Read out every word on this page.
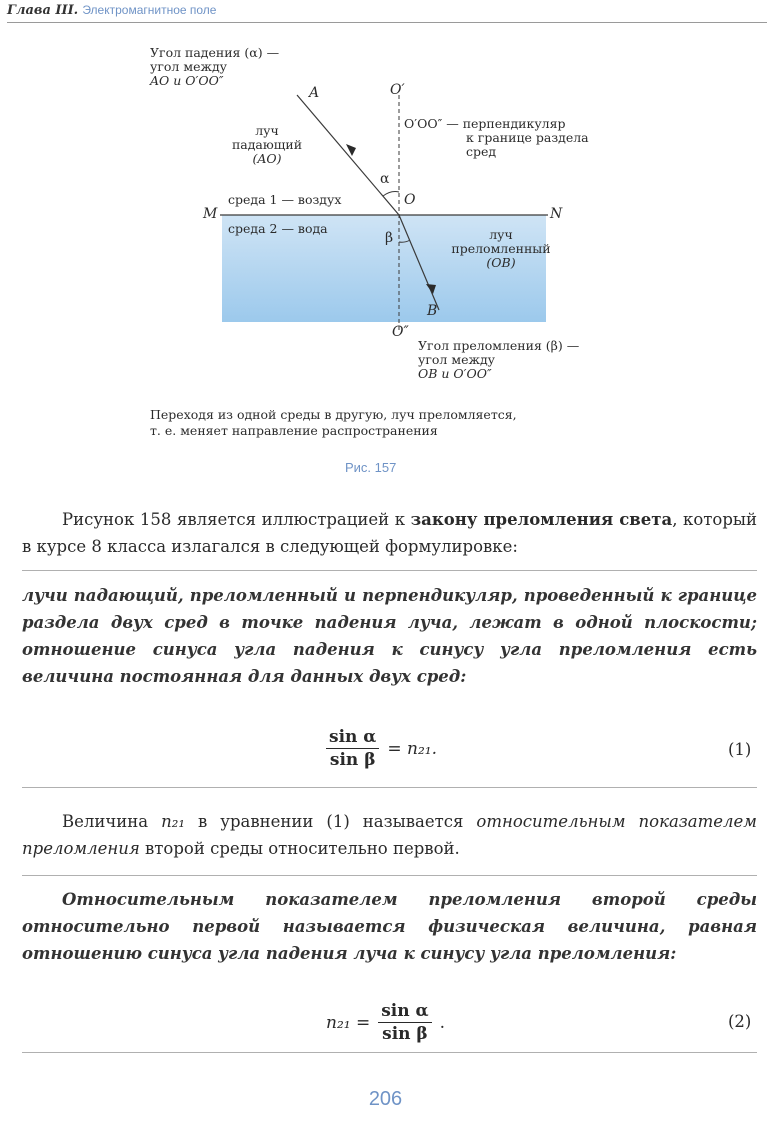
Глава III. Электромагнитное поле
Угол падения (α) —
угол между
AO и O′OO″
A	O′
O′OO″ — перпендикуляр
к границе раздела
сред
луч
падающий
(AO)
α
O
среда 1 — воздух
M	N
среда 2 — вода
β	луч
преломленный
(OB)
B
O″
Угол преломления (β) —
угол между
OB и O′OO″
Переходя из одной среды в другую, луч преломляется,
т. е. меняет направление распространения
Рис. 157
Рисунок 158 является иллюстрацией к закону преломления света, который в курсе 8 класса излагался в следующей формулировке:
лучи падающий, преломленный и перпендикуляр, проведенный к границе раздела двух сред в точке падения луча, лежат в одной плоскости; отношение синуса угла падения к синусу угла преломления есть величина постоянная для данных двух сред:
$\frac{\text{sin α}}{\text{sin β}} = n_{21}$.	(1)
Величина n₂₁ в уравнении (1) называется относительным показателем преломления второй среды относительно первой.
Относительным показателем преломления второй среды относительно первой называется физическая величина, равная отношению синуса угла падения луча к синусу угла преломления:
$n_{21} = \frac{\text{sin α}}{\text{sin β}}$ .	(2)
206
